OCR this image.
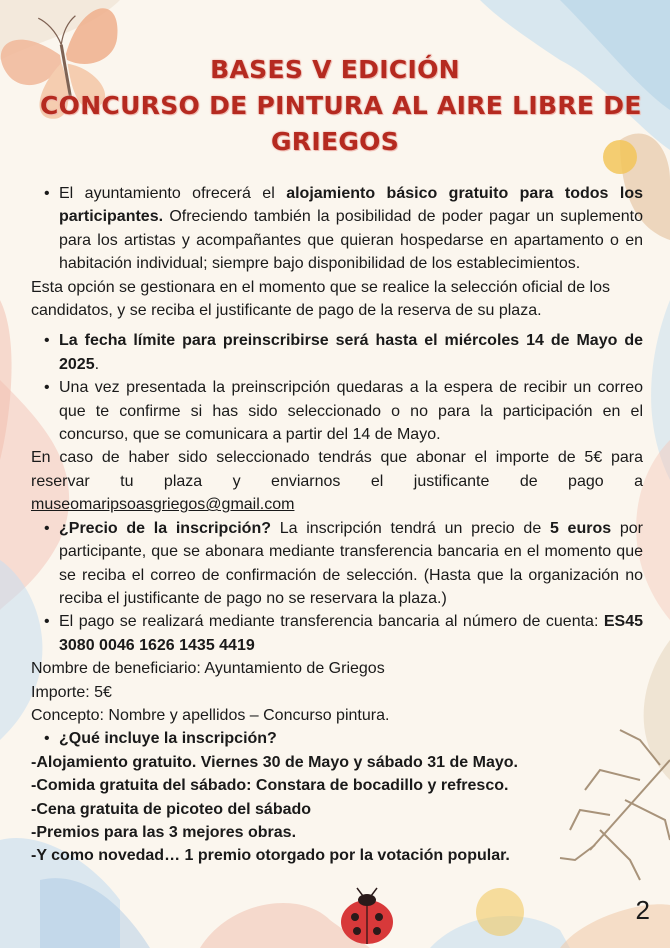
BASES V EDICIÓN
CONCURSO DE PINTURA AL AIRE LIBRE DE
GRIEGOS
• El ayuntamiento ofrecerá el alojamiento básico gratuito para todos los participantes. Ofreciendo también la posibilidad de poder pagar un suplemento para los artistas y acompañantes que quieran hospedarse en apartamento o en habitación individual; siempre bajo disponibilidad de los establecimientos.

Esta opción se gestionara en el momento que se realice la selección oficial de los candidatos, y se reciba el justificante de pago de la reserva de su plaza.

• La fecha límite para preinscribirse será hasta el miércoles 14 de Mayo de 2025.
• Una vez presentada la preinscripción quedaras a la espera de recibir un correo que te confirme si has sido seleccionado o no para la participación en el concurso, que se comunicara a partir del 14 de Mayo.

En caso de haber sido seleccionado tendrás que abonar el importe de 5€ para reservar tu plaza y enviarnos el justificante de pago a

museomaripsoasgriegos@gmail.com

• ¿Precio de la inscripción? La inscripción tendrá un precio de 5 euros por participante, que se abonara mediante transferencia bancaria en el momento que se reciba el correo de confirmación de selección. (Hasta que la organización no reciba el justificante de pago no se reservara la plaza.)
• El pago se realizará mediante transferencia bancaria al número de cuenta: ES45 3080 0046 1626 1435 4419

Nombre de beneficiario: Ayuntamiento de Griegos

Importe: 5€

Concepto: Nombre y apellidos – Concurso pintura.

• ¿Qué incluye la inscripción?

-Alojamiento gratuito. Viernes 30 de Mayo y sábado 31 de Mayo.

-Comida gratuita del sábado: Constara de bocadillo y refresco.

-Cena gratuita de picoteo del sábado

-Premios para las 3 mejores obras.

-Y como novedad… 1 premio otorgado por la votación popular.

2
